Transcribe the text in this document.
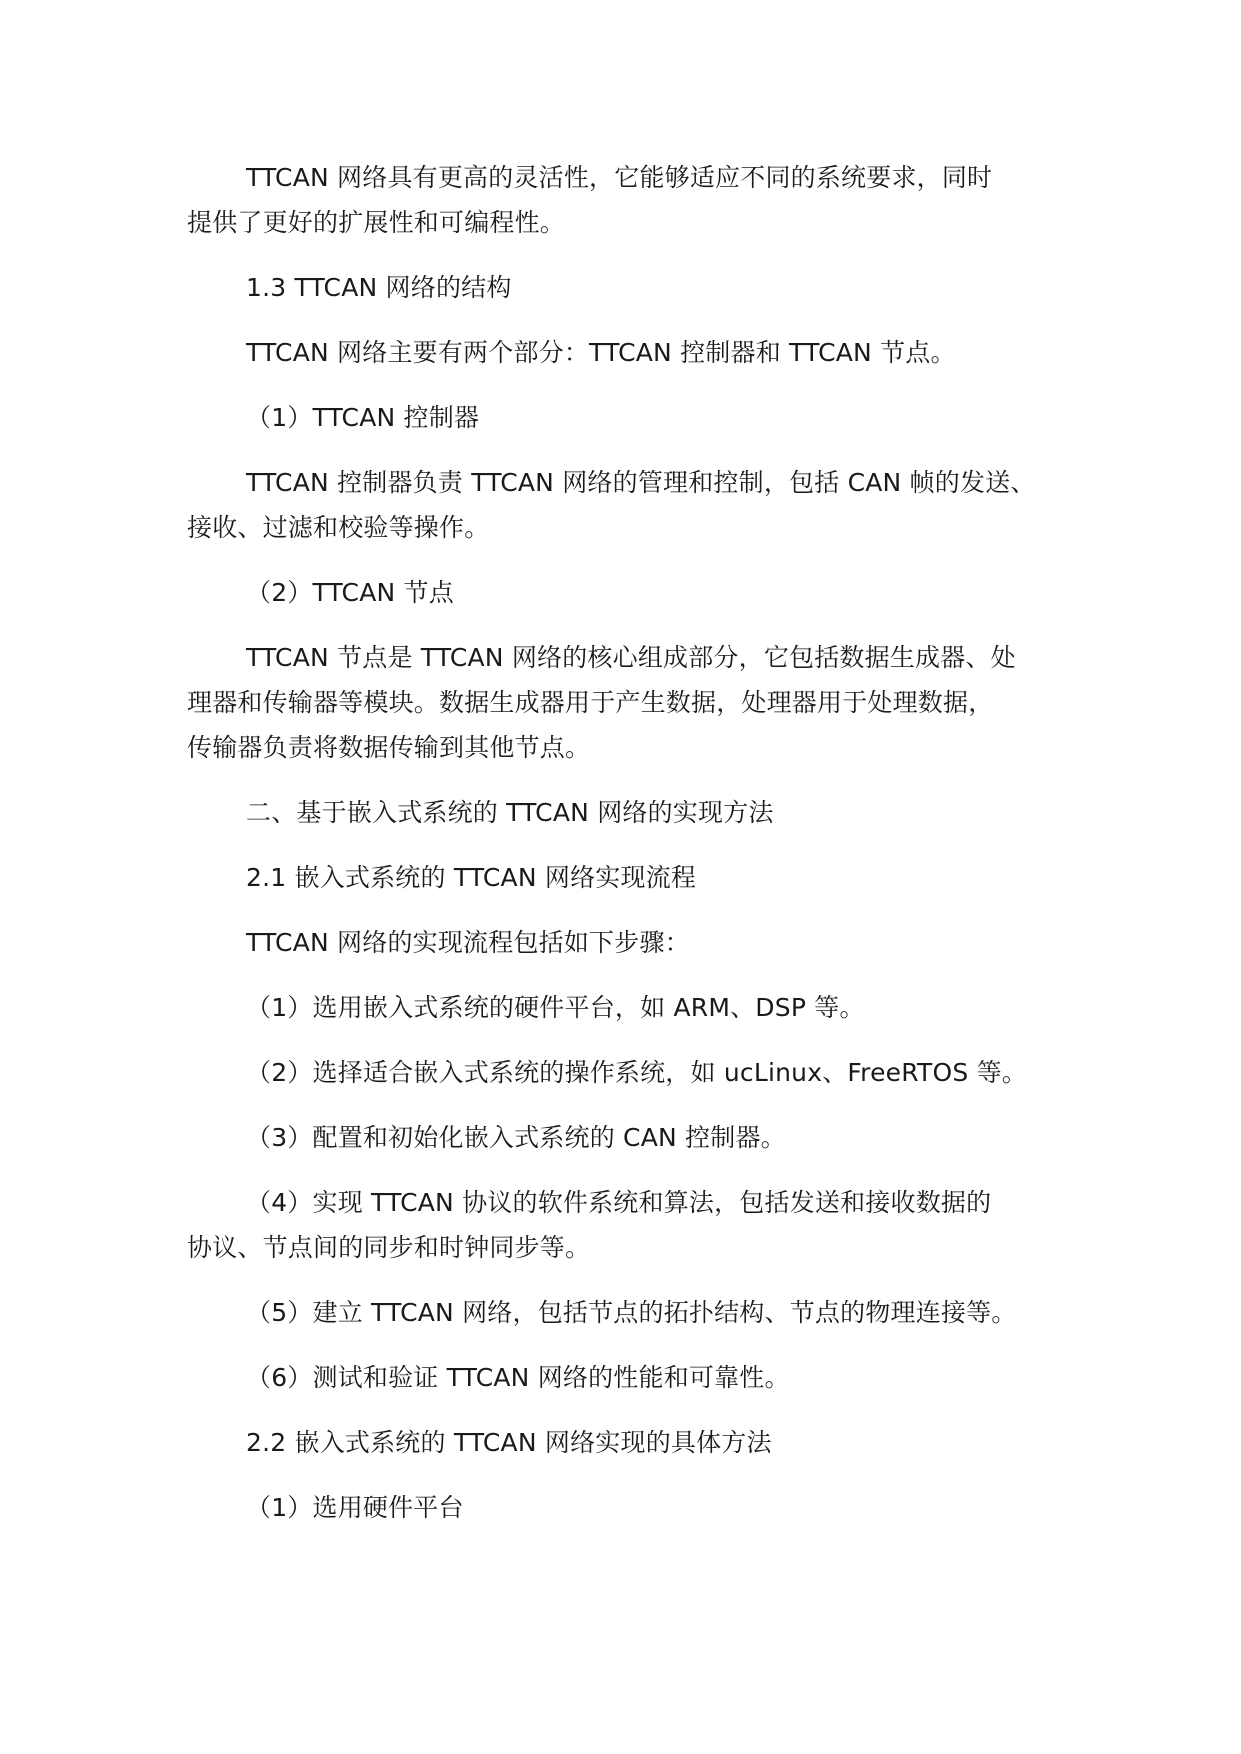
TTCAN 网络具有更高的灵活性，它能够适应不同的系统要求，同时
提供了更好的扩展性和可编程性。

1.3 TTCAN 网络的结构

TTCAN 网络主要有两个部分：TTCAN 控制器和 TTCAN 节点。

（1）TTCAN 控制器

TTCAN 控制器负责 TTCAN 网络的管理和控制，包括 CAN 帧的发送、
接收、过滤和校验等操作。

（2）TTCAN 节点

TTCAN 节点是 TTCAN 网络的核心组成部分，它包括数据生成器、处
理器和传输器等模块。数据生成器用于产生数据，处理器用于处理数据，
传输器负责将数据传输到其他节点。

二、基于嵌入式系统的 TTCAN 网络的实现方法

2.1 嵌入式系统的 TTCAN 网络实现流程

TTCAN 网络的实现流程包括如下步骤：

（1）选用嵌入式系统的硬件平台，如 ARM、DSP 等。

（2）选择适合嵌入式系统的操作系统，如 ucLinux、FreeRTOS 等。

（3）配置和初始化嵌入式系统的 CAN 控制器。

（4）实现 TTCAN 协议的软件系统和算法，包括发送和接收数据的
协议、节点间的同步和时钟同步等。

（5）建立 TTCAN 网络，包括节点的拓扑结构、节点的物理连接等。

（6）测试和验证 TTCAN 网络的性能和可靠性。

2.2 嵌入式系统的 TTCAN 网络实现的具体方法

（1）选用硬件平台
